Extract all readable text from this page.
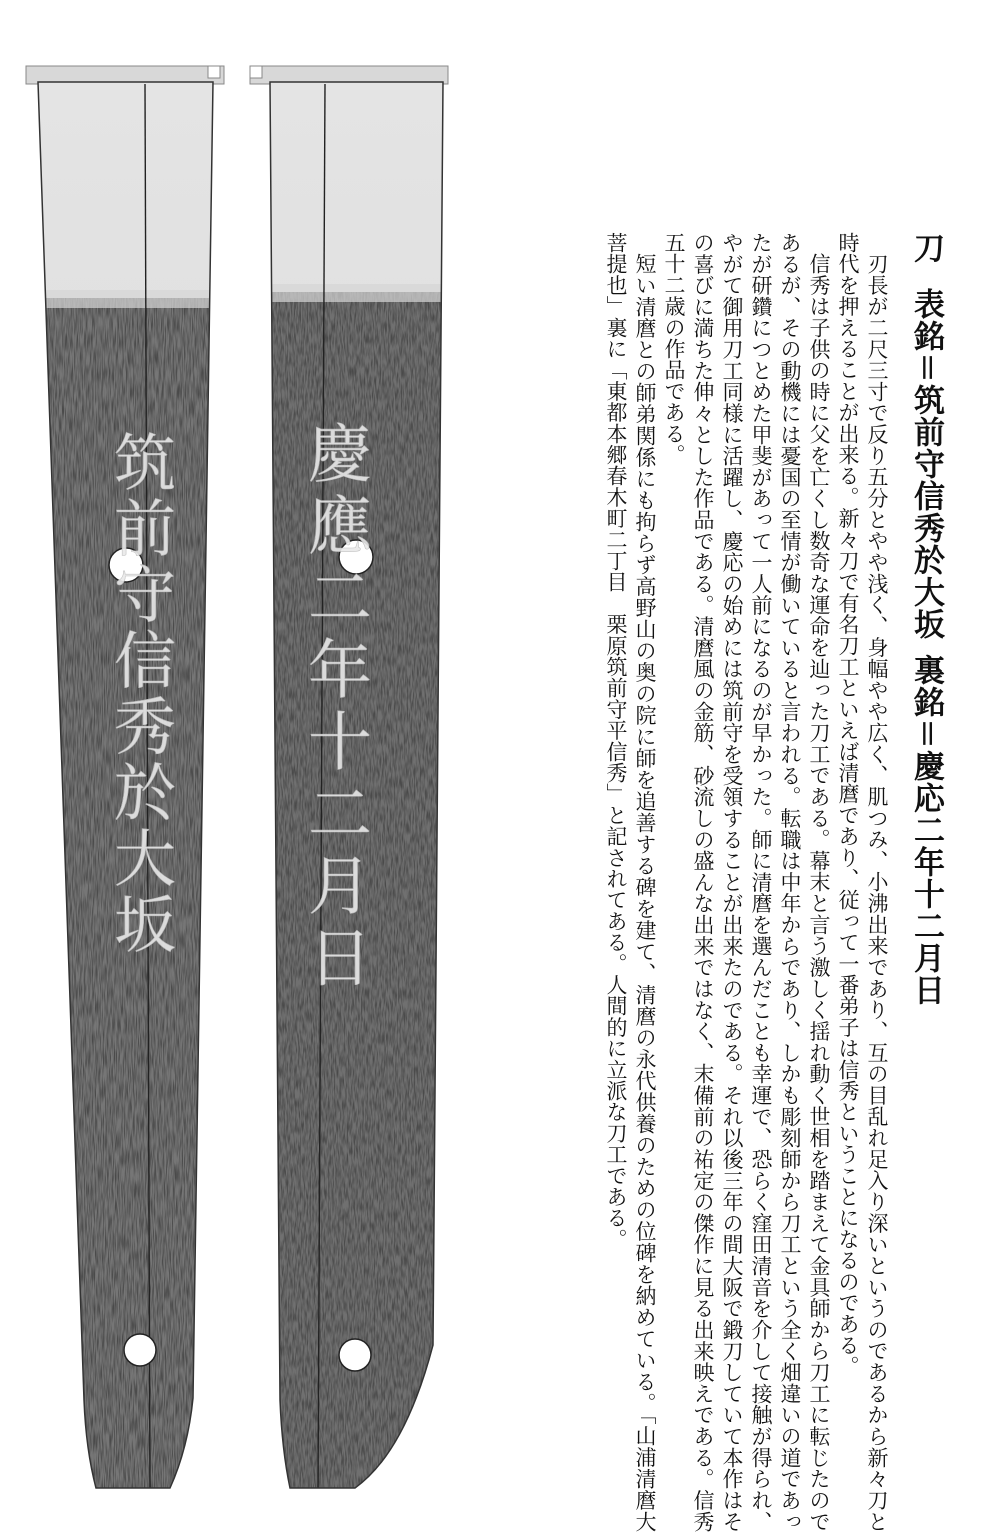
筑前守信秀於大坂 慶應二年十二月日
刀表銘＝筑前守信秀於大坂裏銘＝慶応二年十二月日

刃長が二尺三寸で反り五分とやや浅く、身幅やや広く、肌つみ、小沸出来であり、互の目乱れ足入り深いというのであるから新々刀と時代を押えることが出来る。新々刀で有名刀工といえば清麿であり、従って一番弟子は信秀ということになるのである。

信秀は子供の時に父を亡くし数奇な運命を辿った刀工である。幕末と言う激しく揺れ動く世相を踏まえて金具師から刀工に転じたのであるが、その動機には憂国の至情が働いていると言われる。転職は中年からであり、しかも彫刻師から刀工という全く畑違いの道であったが研鑽につとめた甲斐があって一人前になるのが早かった。師に清麿を選んだことも幸運で、恐らく窪田清音を介して接触が得られ、やがて御用刀工同様に活躍し、慶応の始めには筑前守を受領することが出来たのである。それ以後三年の間大阪で鍛刀していて本作はその喜びに満ちた伸々とした作品である。清麿風の金筋、砂流しの盛んな出来ではなく、末備前の祐定の傑作に見る出来映えである。信秀五十二歳の作品である。

短い清麿との師弟関係にも拘らず高野山の奥の院に師を追善する碑を建て、清麿の永代供養のための位碑を納めている。「山浦清麿大菩提也」裏に「東都本郷春木町二丁目　栗原筑前守平信秀」と記されてある。人間的に立派な刀工である。
